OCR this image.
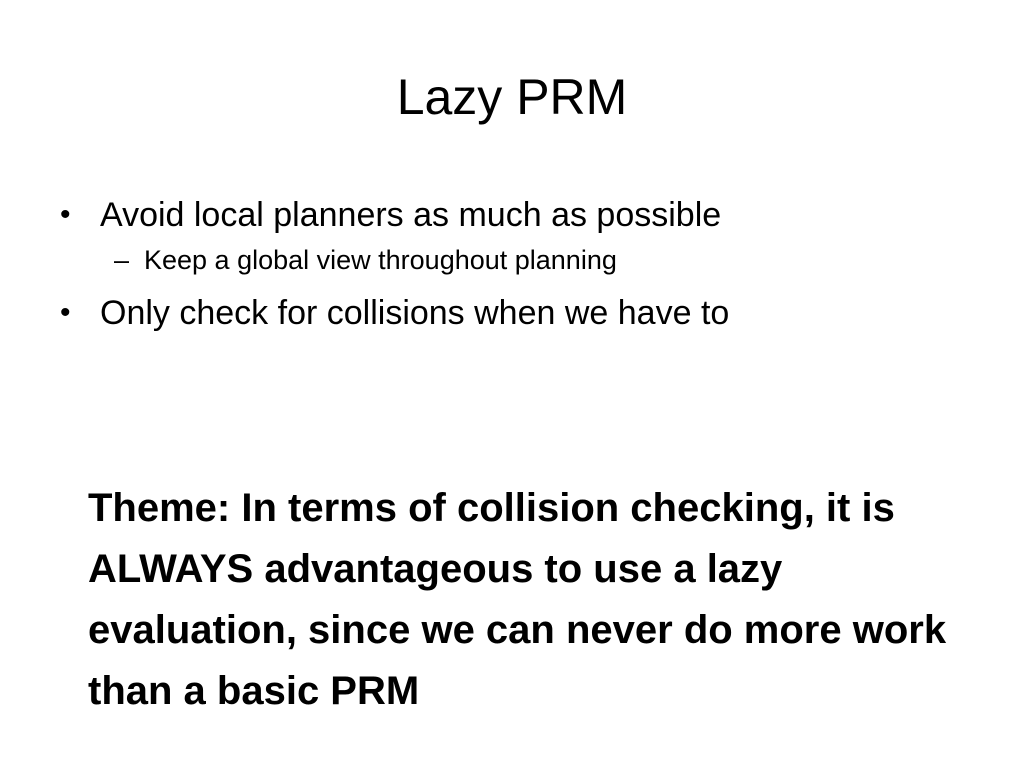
Lazy PRM
• Avoid local planners as much as possible
– Keep a global view throughout planning
• Only check for collisions when we have to
Theme: In terms of collision checking, it is ALWAYS advantageous to use a lazy evaluation, since we can never do more work than a basic PRM
